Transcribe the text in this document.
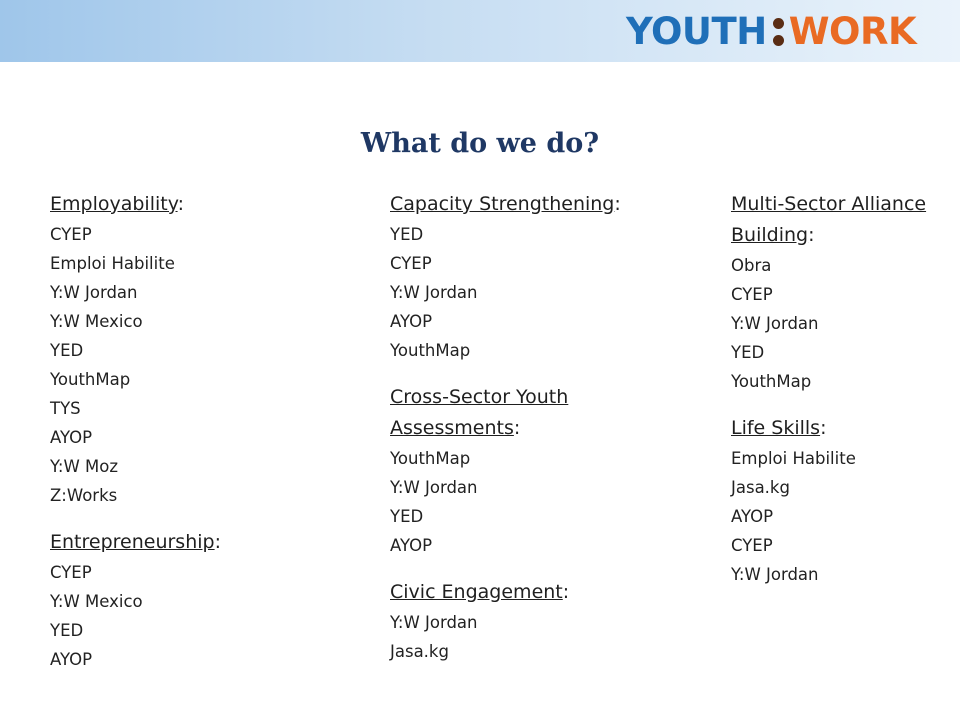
YOUTH WORK
What do we do?

Employability:

CYEP
Emploi Habilite
Y:W Jordan
Y:W Mexico
YED
YouthMap
TYS
AYOP
Y:W Moz
Z:Works

Entrepreneurship:

CYEP
Y:W Mexico
YED
AYOP

Capacity Strengthening:

YED
CYEP
Y:W Jordan
AYOP
YouthMap

Cross-Sector Youth Assessments:

YouthMap
Y:W Jordan
YED
AYOP

Civic Engagement:

Y:W Jordan
Jasa.kg

Multi-Sector Alliance Building:

Obra
CYEP
Y:W Jordan
YED
YouthMap

Life Skills:

Emploi Habilite
Jasa.kg
AYOP
CYEP
Y:W Jordan
